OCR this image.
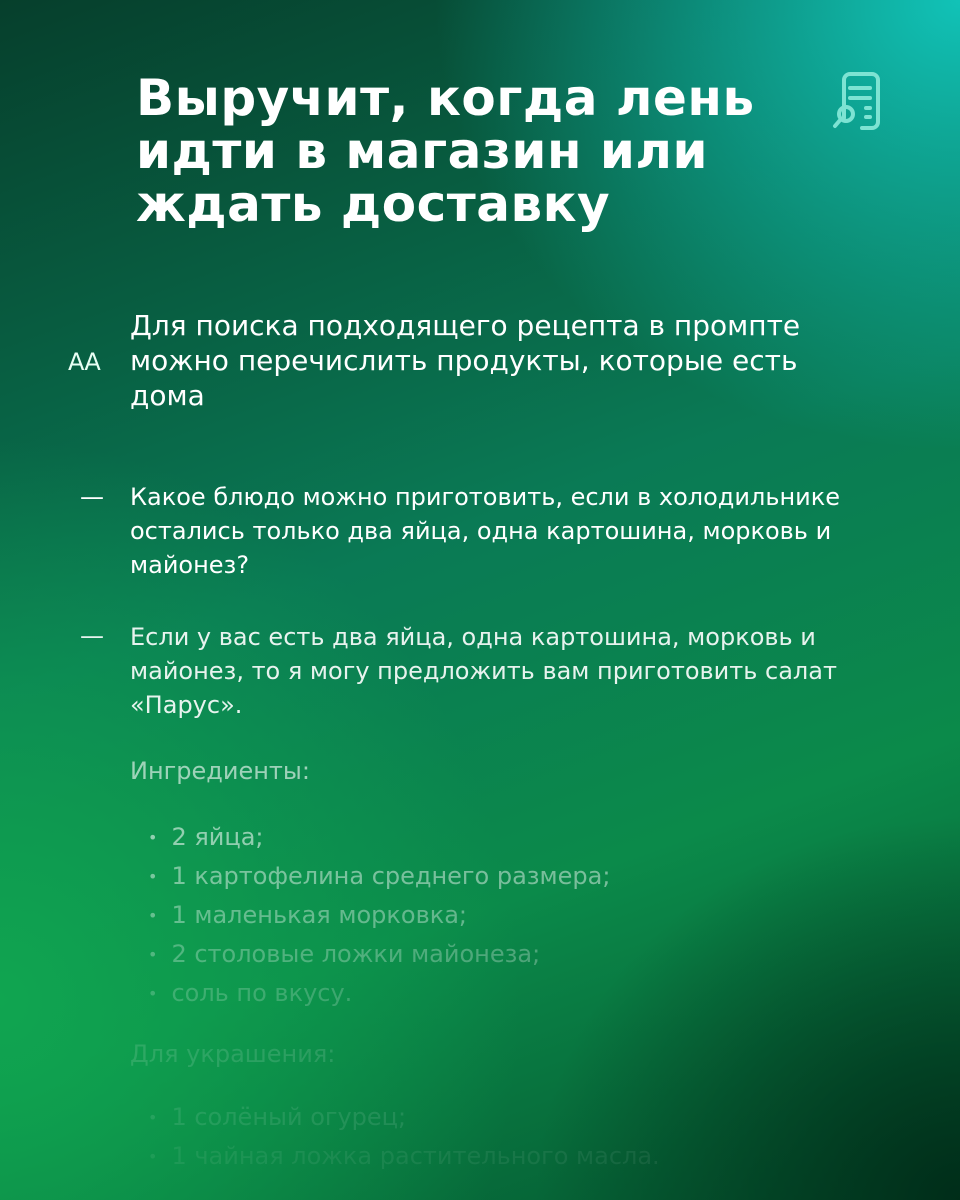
Выручит, когда лень идти в магазин или ждать доставку
АА
Для поиска подходящего рецепта в промпте можно перечислить продукты, которые есть дома
— Какое блюдо можно приготовить, если в холодильнике остались только два яйца, одна картошина, морковь и майонез?
— Если у вас есть два яйца, одна картошина, морковь и майонез, то я могу предложить вам приготовить салат «Парус».
Ингредиенты:
• 2 яйца;
• 1 картофелина среднего размера;
• 1 маленькая морковка;
• 2 столовые ложки майонеза;
• соль по вкусу.
Для украшения:
• 1 солёный огурец;
• 1 чайная ложка растительного масла.
